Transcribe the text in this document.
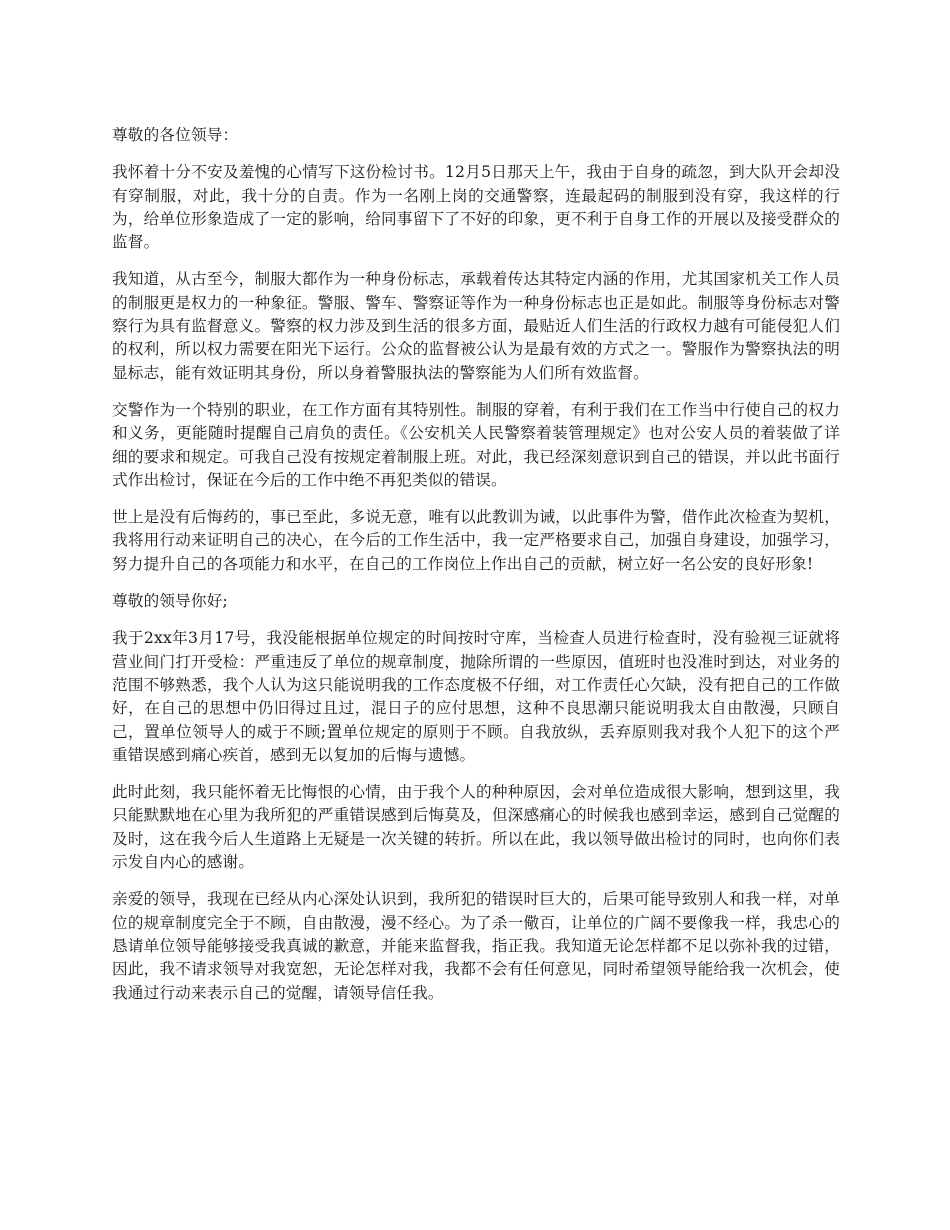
尊敬的各位领导：

我怀着十分不安及羞愧的心情写下这份检讨书。12月5日那天上午，我由于自身的疏忽，到大队开会却没有穿制服，对此，我十分的自责。作为一名刚上岗的交通警察，连最起码的制服到没有穿，我这样的行为，给单位形象造成了一定的影响，给同事留下了不好的印象，更不利于自身工作的开展以及接受群众的监督。

我知道，从古至今，制服大都作为一种身份标志，承载着传达其特定内涵的作用，尤其国家机关工作人员的制服更是权力的一种象征。警服、警车、警察证等作为一种身份标志也正是如此。制服等身份标志对警察行为具有监督意义。警察的权力涉及到生活的很多方面，最贴近人们生活的行政权力越有可能侵犯人们的权利，所以权力需要在阳光下运行。公众的监督被公认为是最有效的方式之一。警服作为警察执法的明显标志，能有效证明其身份，所以身着警服执法的警察能为人们所有效监督。

交警作为一个特别的职业，在工作方面有其特别性。制服的穿着，有利于我们在工作当中行使自己的权力和义务，更能随时提醒自己肩负的责任。《公安机关人民警察着装管理规定》也对公安人员的着装做了详细的要求和规定。可我自己没有按规定着制服上班。对此，我已经深刻意识到自己的错误，并以此书面行式作出检讨，保证在今后的工作中绝不再犯类似的错误。

世上是没有后悔药的，事已至此，多说无意，唯有以此教训为诫，以此事件为警，借作此次检查为契机，我将用行动来证明自己的决心，在今后的工作生活中，我一定严格要求自己，加强自身建设，加强学习，努力提升自己的各项能力和水平，在自己的工作岗位上作出自己的贡献，树立好一名公安的良好形象!

尊敬的领导你好;

我于2xx年3月17号，我没能根据单位规定的时间按时守库，当检查人员进行检查时，没有验视三证就将营业间门打开受检：严重违反了单位的规章制度，抛除所谓的一些原因，值班时也没准时到达，对业务的范围不够熟悉，我个人认为这只能说明我的工作态度极不仔细，对工作责任心欠缺，没有把自己的工作做好，在自己的思想中仍旧得过且过，混日子的应付思想，这种不良思潮只能说明我太自由散漫，只顾自己，置单位领导人的威于不顾;置单位规定的原则于不顾。自我放纵，丢弃原则我对我个人犯下的这个严重错误感到痛心疾首，感到无以复加的后悔与遗憾。

此时此刻，我只能怀着无比悔恨的心情，由于我个人的种种原因，会对单位造成很大影响，想到这里，我只能默默地在心里为我所犯的严重错误感到后悔莫及，但深感痛心的时候我也感到幸运，感到自己觉醒的及时，这在我今后人生道路上无疑是一次关键的转折。所以在此，我以领导做出检讨的同时，也向你们表示发自内心的感谢。

亲爱的领导，我现在已经从内心深处认识到，我所犯的错误时巨大的，后果可能导致别人和我一样，对单位的规章制度完全于不顾，自由散漫，漫不经心。为了杀一儆百，让单位的广阔不要像我一样，我忠心的恳请单位领导能够接受我真诚的歉意，并能来监督我，指正我。我知道无论怎样都不足以弥补我的过错，因此，我不请求领导对我宽恕，无论怎样对我，我都不会有任何意见，同时希望领导能给我一次机会，使我通过行动来表示自己的觉醒，请领导信任我。
